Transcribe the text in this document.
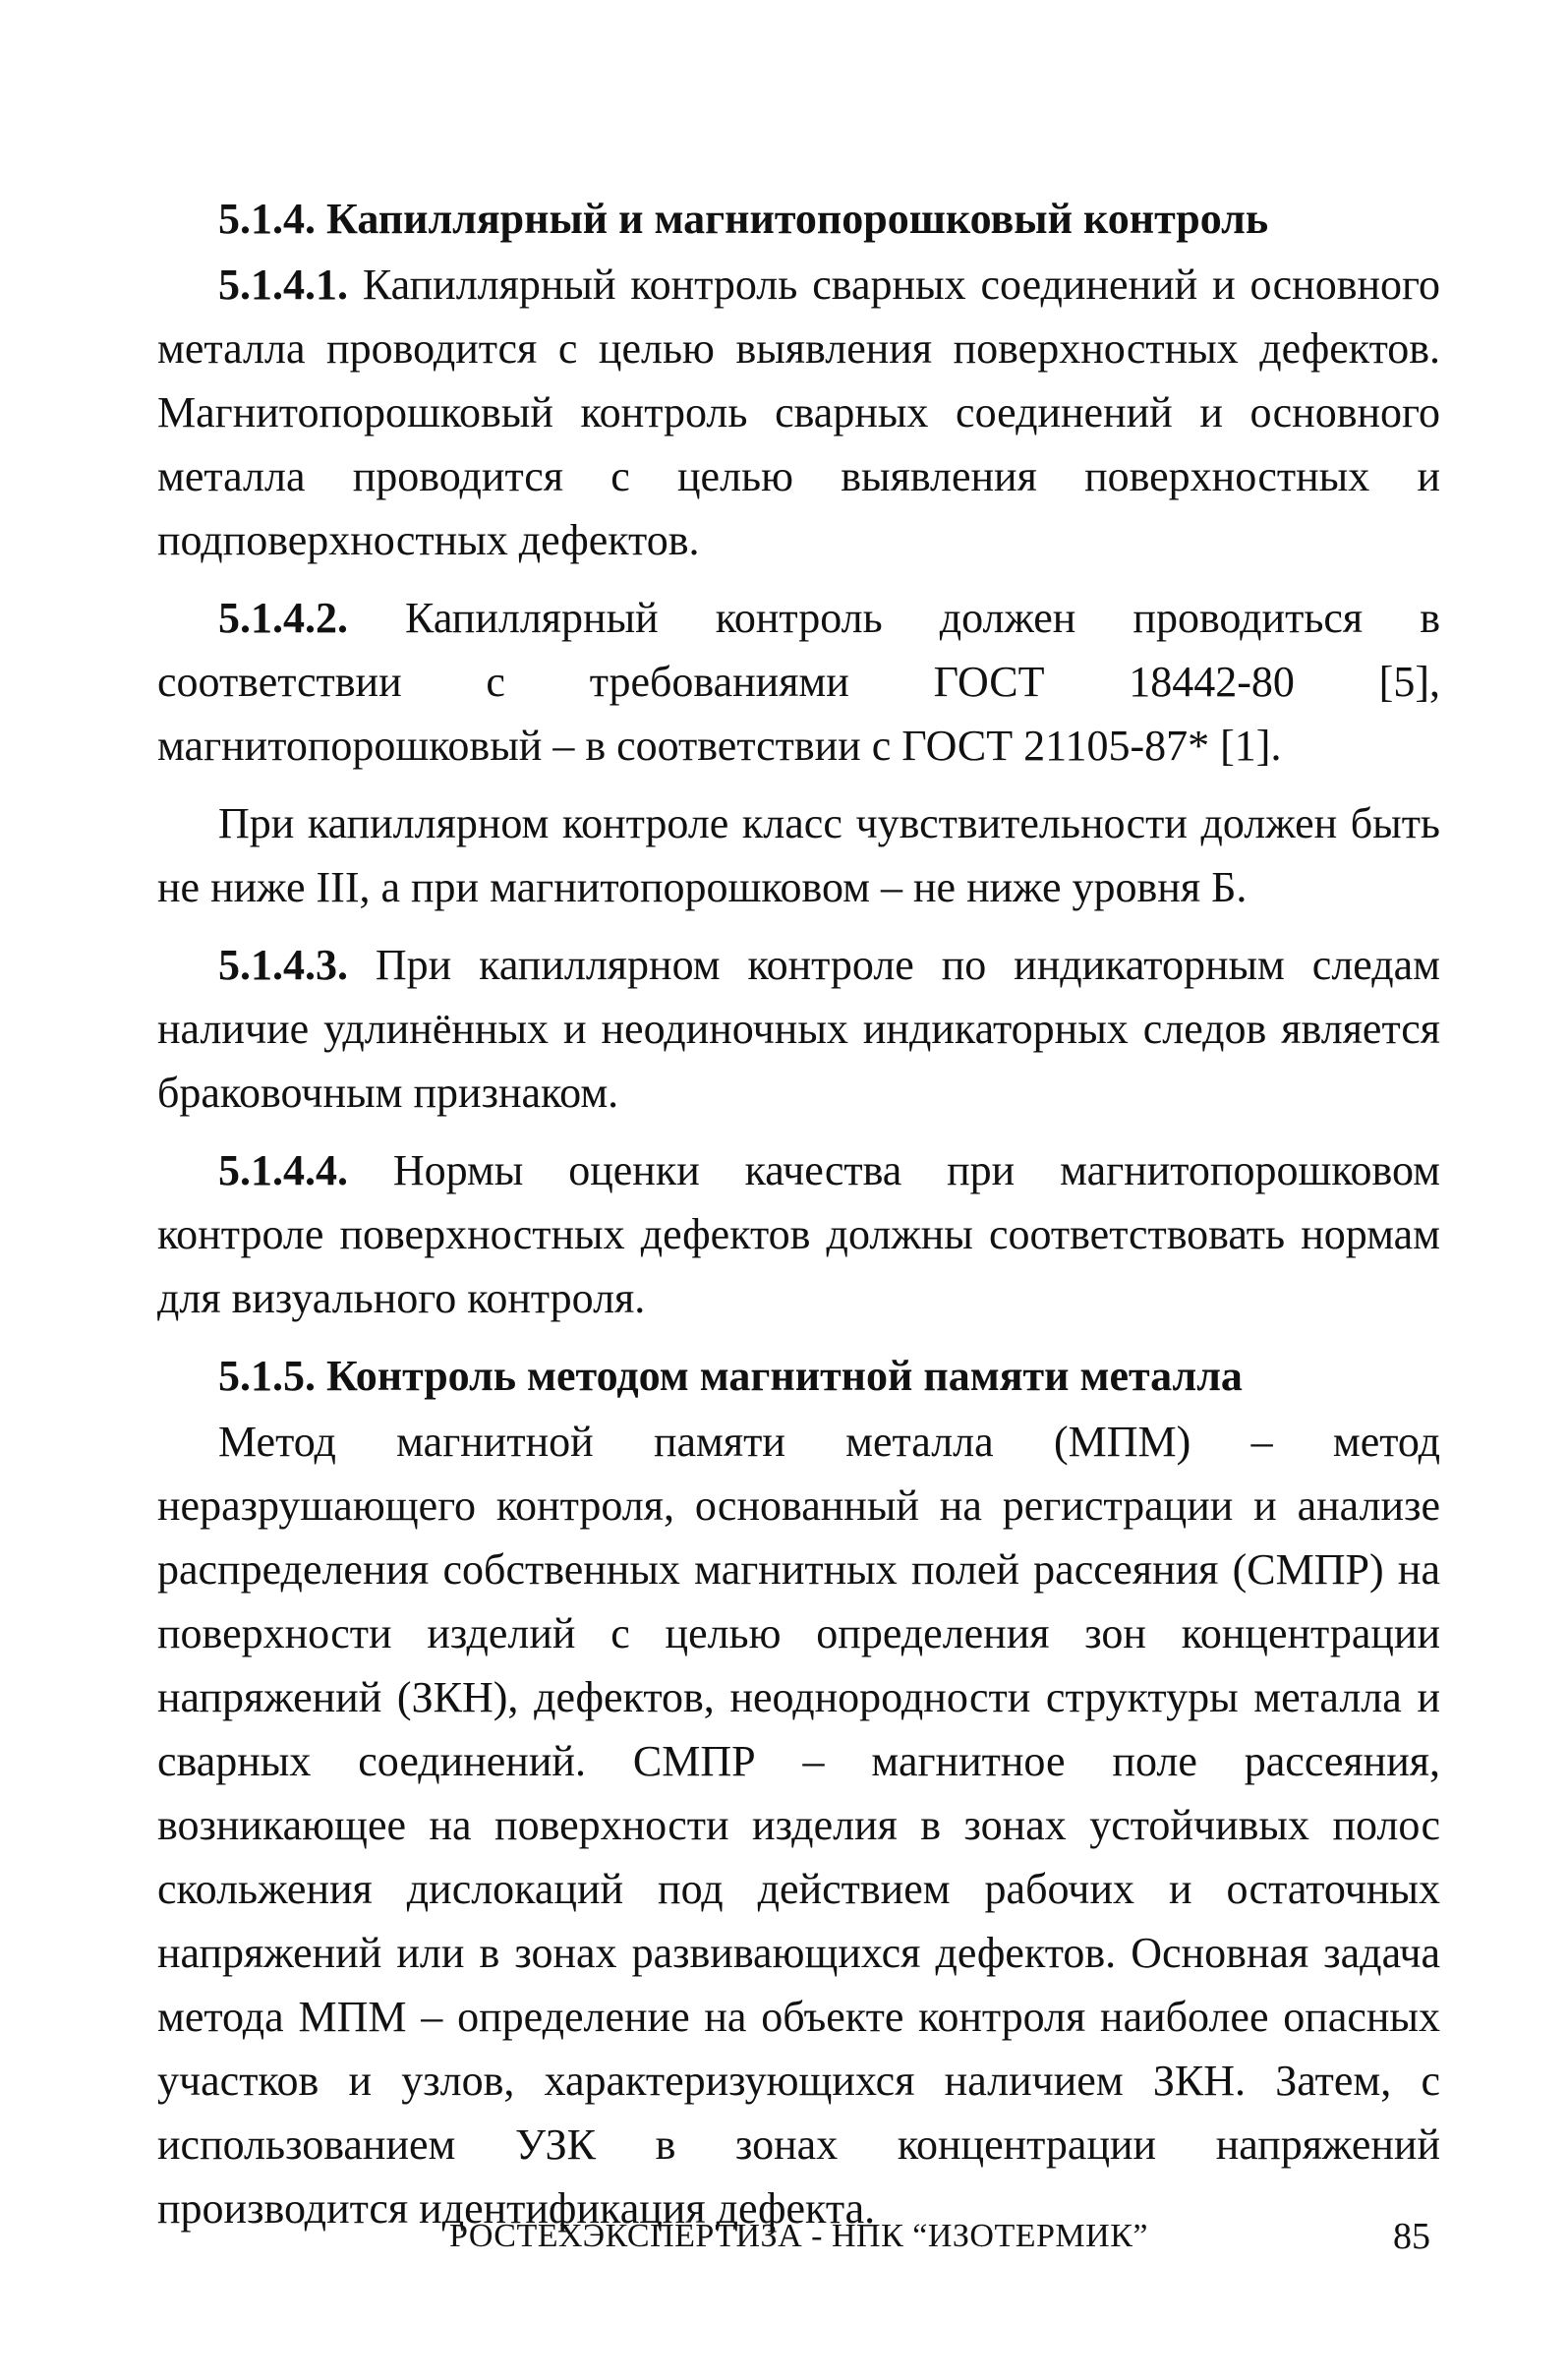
5.1.4. Капиллярный и магнитопорошковый контроль

5.1.4.1. Капиллярный контроль сварных соединений и основного металла проводится с целью выявления поверхностных дефектов. Магнитопорошковый контроль сварных соединений и основного металла проводится с целью выявления поверхностных и подповерхностных дефектов.

5.1.4.2. Капиллярный контроль должен проводиться в соответствии с требованиями ГОСТ 18442-80 [5], магнитопорошковый – в соответствии с ГОСТ 21105-87* [1].

При капиллярном контроле класс чувствительности должен быть не ниже III, а при магнитопорошковом – не ниже уровня Б.

5.1.4.3. При капиллярном контроле по индикаторным следам наличие удлинённых и неодиночных индикаторных следов является браковочным признаком.

5.1.4.4. Нормы оценки качества при магнитопорошковом контроле поверхностных дефектов должны соответствовать нормам для визуального контроля.

5.1.5. Контроль методом магнитной памяти металла

Метод магнитной памяти металла (МПМ) – метод неразрушающего контроля, основанный на регистрации и анализе распределения собственных магнитных полей рассеяния (СМПР) на поверхности изделий с целью определения зон концентрации напряжений (ЗКН), дефектов, неоднородности структуры металла и сварных соединений. СМПР – магнитное поле рассеяния, возникающее на поверхности изделия в зонах устойчивых полос скольжения дислокаций под действием рабочих и остаточных напряжений или в зонах развивающихся дефектов. Основная задача метода МПМ – определение на объекте контроля наиболее опасных участков и узлов, характеризующихся наличием ЗКН. Затем, с использованием УЗК в зонах концентрации напряжений производится идентификация дефекта.

РОСТЕХЭКСПЕРТИЗА - НПК “ИЗОТЕРМИК”	85
